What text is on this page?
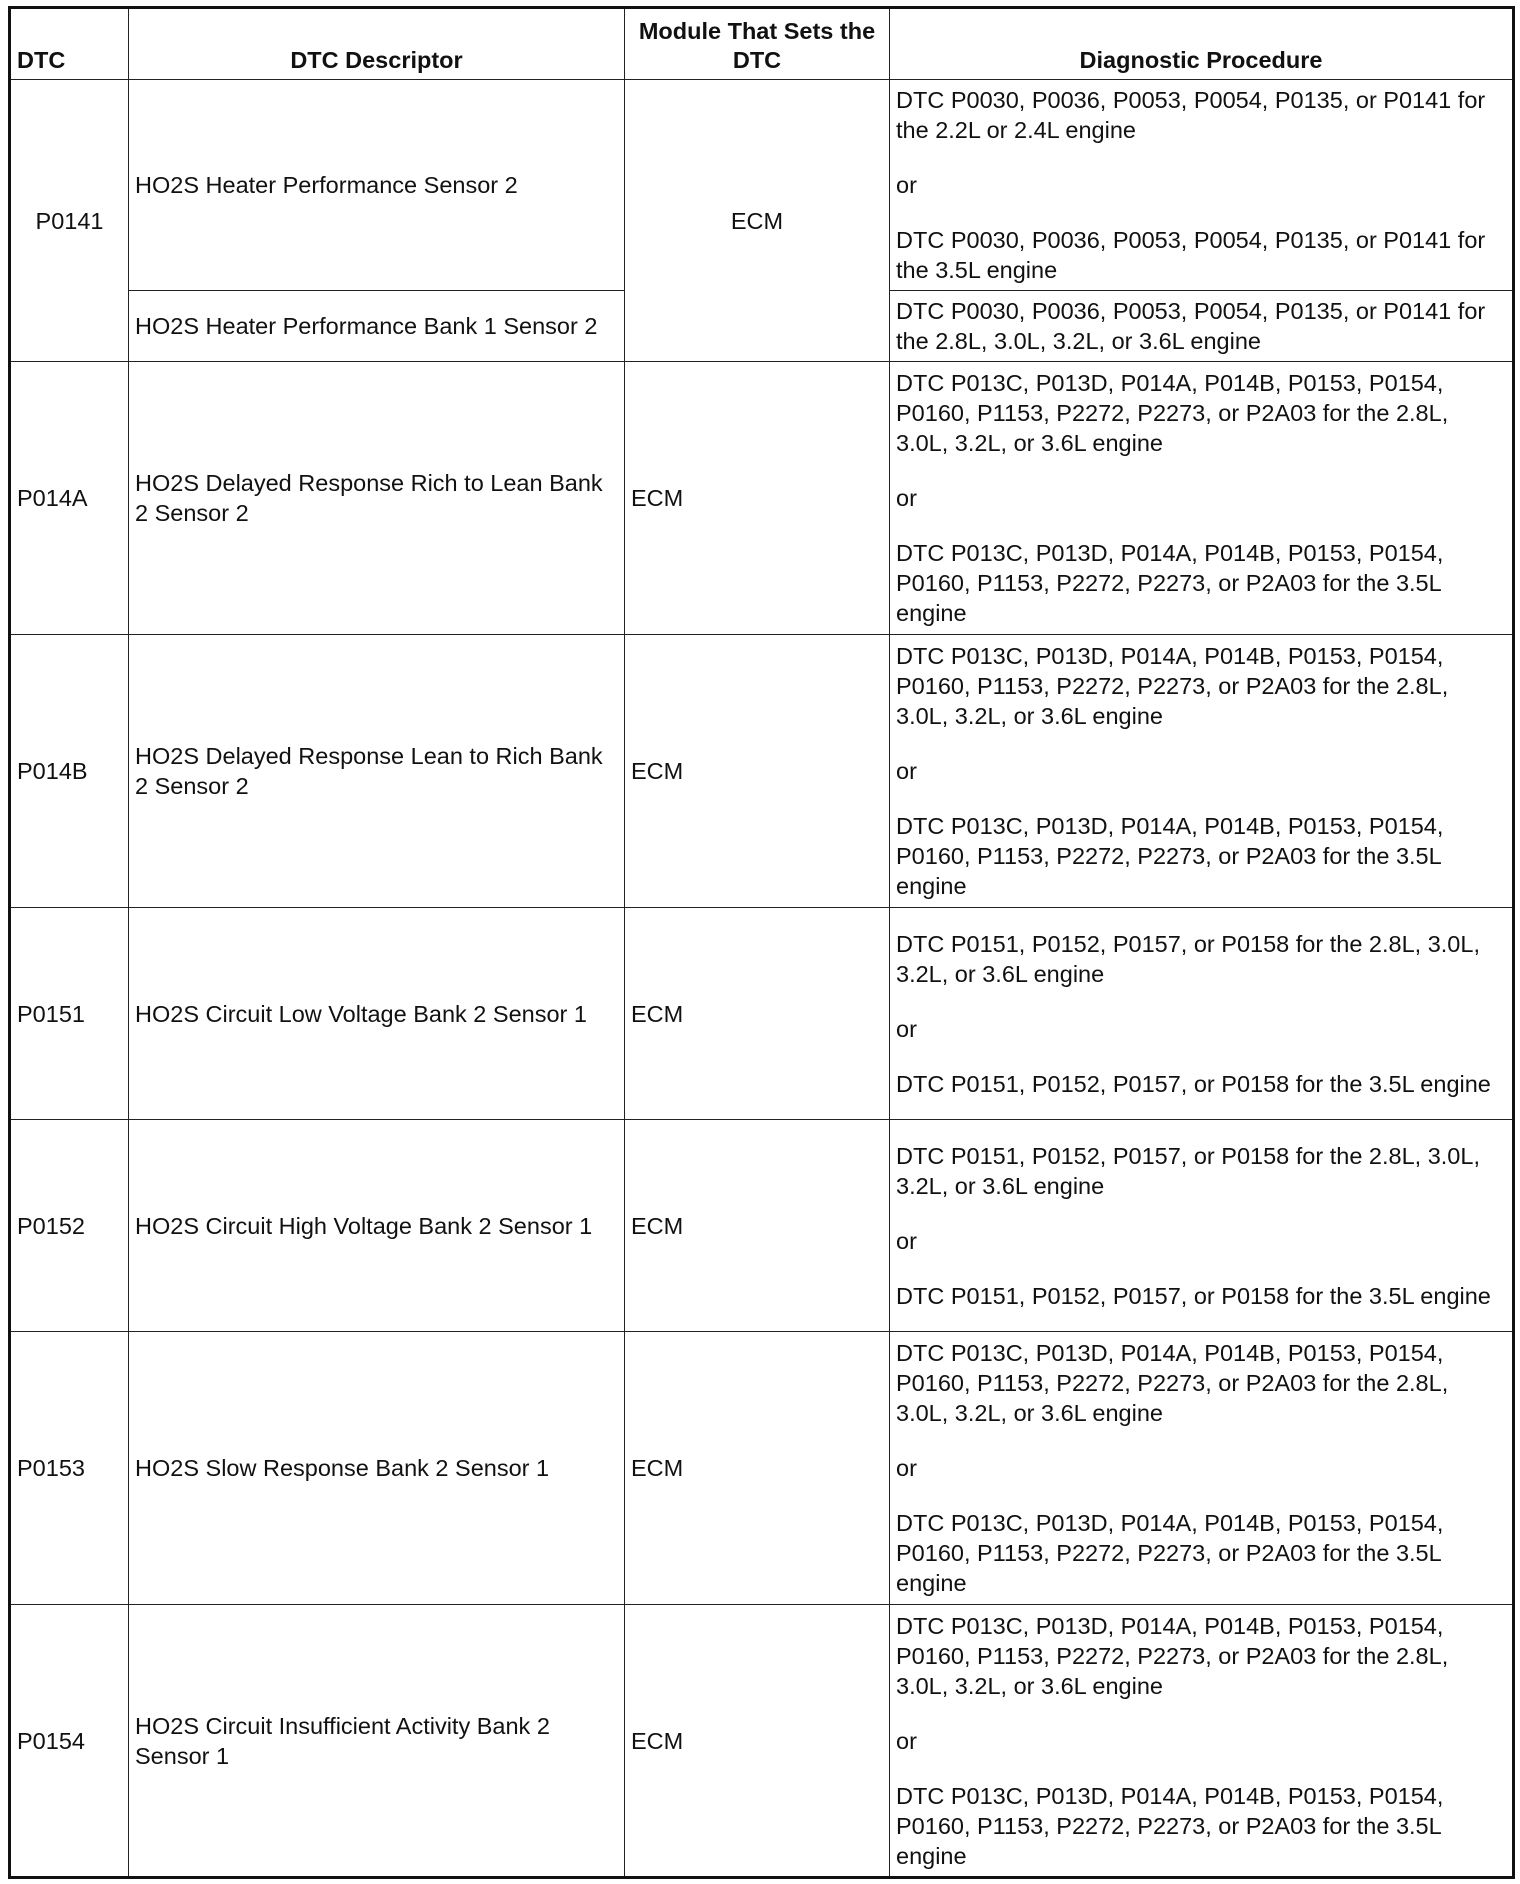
DTC	DTC Descriptor	Module That Sets the DTC	Diagnostic Procedure
P0141	HO2S Heater Performance Sensor 2	ECM	DTC P0030, P0036, P0053, P0054, P0135, or P0141 for the 2.2L or 2.4L engine
or
DTC P0030, P0036, P0053, P0054, P0135, or P0141 for the 3.5L engine

	HO2S Heater Performance Bank 1 Sensor 2		DTC P0030, P0036, P0053, P0054, P0135, or P0141 for the 2.8L, 3.0L, 3.2L, or 3.6L engine

P014A	HO2S Delayed Response Rich to Lean Bank 2 Sensor 2	ECM	DTC P013C, P013D, P014A, P014B, P0153, P0154, P0160, P1153, P2272, P2273, or P2A03 for the 2.8L, 3.0L, 3.2L, or 3.6L engine
or
DTC P013C, P013D, P014A, P014B, P0153, P0154, P0160, P1153, P2272, P2273, or P2A03 for the 3.5L engine

P014B	HO2S Delayed Response Lean to Rich Bank 2 Sensor 2	ECM	DTC P013C, P013D, P014A, P014B, P0153, P0154, P0160, P1153, P2272, P2273, or P2A03 for the 2.8L, 3.0L, 3.2L, or 3.6L engine
or
DTC P013C, P013D, P014A, P014B, P0153, P0154, P0160, P1153, P2272, P2273, or P2A03 for the 3.5L engine

P0151	HO2S Circuit Low Voltage Bank 2 Sensor 1	ECM	DTC P0151, P0152, P0157, or P0158 for the 2.8L, 3.0L, 3.2L, or 3.6L engine
or
DTC P0151, P0152, P0157, or P0158 for the 3.5L engine

P0152	HO2S Circuit High Voltage Bank 2 Sensor 1	ECM	DTC P0151, P0152, P0157, or P0158 for the 2.8L, 3.0L, 3.2L, or 3.6L engine
or
DTC P0151, P0152, P0157, or P0158 for the 3.5L engine

P0153	HO2S Slow Response Bank 2 Sensor 1	ECM	DTC P013C, P013D, P014A, P014B, P0153, P0154, P0160, P1153, P2272, P2273, or P2A03 for the 2.8L, 3.0L, 3.2L, or 3.6L engine
or
DTC P013C, P013D, P014A, P014B, P0153, P0154, P0160, P1153, P2272, P2273, or P2A03 for the 3.5L engine

P0154	HO2S Circuit Insufficient Activity Bank 2 Sensor 1	ECM	DTC P013C, P013D, P014A, P014B, P0153, P0154, P0160, P1153, P2272, P2273, or P2A03 for the 2.8L, 3.0L, 3.2L, or 3.6L engine
or
DTC P013C, P013D, P014A, P014B, P0153, P0154, P0160, P1153, P2272, P2273, or P2A03 for the 3.5L engine
